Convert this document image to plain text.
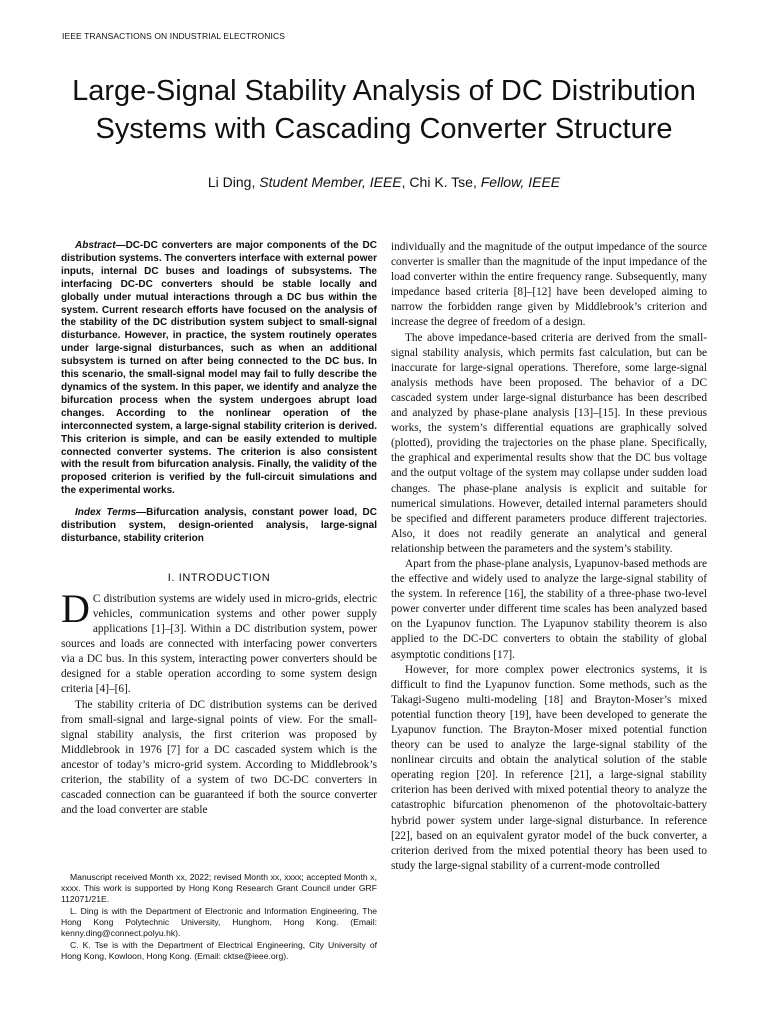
IEEE TRANSACTIONS ON INDUSTRIAL ELECTRONICS
Large-Signal Stability Analysis of DC Distribution Systems with Cascading Converter Structure
Li Ding, Student Member, IEEE, Chi K. Tse, Fellow, IEEE

Abstract—DC-DC converters are major components of the DC distribution systems. The converters interface with external power inputs, internal DC buses and loadings of subsystems. The interfacing DC-DC converters should be stable locally and globally under mutual interactions through a DC bus within the system. Current research efforts have focused on the analysis of the stability of the DC distribution system subject to small-signal disturbance. However, in practice, the system routinely operates under large-signal disturbances, such as when an additional subsystem is turned on after being connected to the DC bus. In this scenario, the small-signal model may fail to fully describe the dynamics of the system. In this paper, we identify and analyze the bifurcation process when the system undergoes abrupt load changes. According to the nonlinear operation of the interconnected system, a large-signal stability criterion is derived. This criterion is simple, and can be easily extended to multiple connected converter systems. The criterion is also consistent with the result from bifurcation analysis. Finally, the validity of the proposed criterion is verified by the full-circuit simulations and the experimental works.

Index Terms—Bifurcation analysis, constant power load, DC distribution system, design-oriented analysis, large-signal disturbance, stability criterion

I. INTRODUCTION

D C distribution systems are widely used in micro-grids, electric vehicles, communication systems and other power supply applications [1]–[3]. Within a DC distribution system, power sources and loads are connected with interfacing power converters via a DC bus. In this system, interacting power converters should be designed for a stable operation according to some system design criteria [4]–[6].

The stability criteria of DC distribution systems can be derived from small-signal and large-signal points of view. For the small-signal stability analysis, the first criterion was proposed by Middlebrook in 1976 [7] for a DC cascaded system which is the ancestor of today’s micro-grid system. According to Middlebrook’s criterion, the stability of a system of two DC-DC converters in cascaded connection can be guaranteed if both the source converter and the load converter are stable

individually and the magnitude of the output impedance of the source converter is smaller than the magnitude of the input impedance of the load converter within the entire frequency range. Subsequently, many impedance based criteria [8]–[12] have been developed aiming to narrow the forbidden range given by Middlebrook’s criterion and increase the degree of freedom of a design.

The above impedance-based criteria are derived from the small-signal stability analysis, which permits fast calculation, but can be inaccurate for large-signal operations. Therefore, some large-signal analysis methods have been proposed. The behavior of a DC cascaded system under large-signal disturbance has been described and analyzed by phase-plane analysis [13]–[15]. In these previous works, the system’s differential equations are graphically solved (plotted), providing the trajectories on the phase plane. Specifically, the graphical and experimental results show that the DC bus voltage and the output voltage of the system may collapse under sudden load changes. The phase-plane analysis is explicit and suitable for numerical simulations. However, detailed internal parameters should be specified and different parameters produce different trajectories. Also, it does not readily generate an analytical and general relationship between the parameters and the system’s stability.

Apart from the phase-plane analysis, Lyapunov-based methods are the effective and widely used to analyze the large-signal stability of the system. In reference [16], the stability of a three-phase two-level power converter under different time scales has been analyzed based on the Lyapunov function. The Lyapunov stability theorem is also applied to the DC-DC converters to obtain the stability of global asymptotic conditions [17].

However, for more complex power electronics systems, it is difficult to find the Lyapunov function. Some methods, such as the Takagi-Sugeno multi-modeling [18] and Brayton-Moser’s mixed potential function theory [19], have been developed to generate the Lyapunov function. The Brayton-Moser mixed potential function theory can be used to analyze the large-signal stability of the nonlinear circuits and obtain the analytical solution of the stable operating region [20]. In reference [21], a large-signal stability criterion has been derived with mixed potential theory to analyze the catastrophic bifurcation phenomenon of the photovoltaic-battery hybrid power system under large-signal disturbance. In reference [22], based on an equivalent gyrator model of the buck converter, a criterion derived from the mixed potential theory has been used to study the large-signal stability of a current-mode controlled

Manuscript received Month xx, 2022; revised Month xx, xxxx; accepted Month x, xxxx. This work is supported by Hong Kong Research Grant Council under GRF 112071/21E.

L. Ding is with the Department of Electronic and Information Engineering, The Hong Kong Polytechnic University, Hunghom, Hong Kong. (Email: kenny.ding@connect.polyu.hk).

C. K. Tse is with the Department of Electrical Engineering, City University of Hong Kong, Kowloon, Hong Kong. (Email: cktse@ieee.org).
